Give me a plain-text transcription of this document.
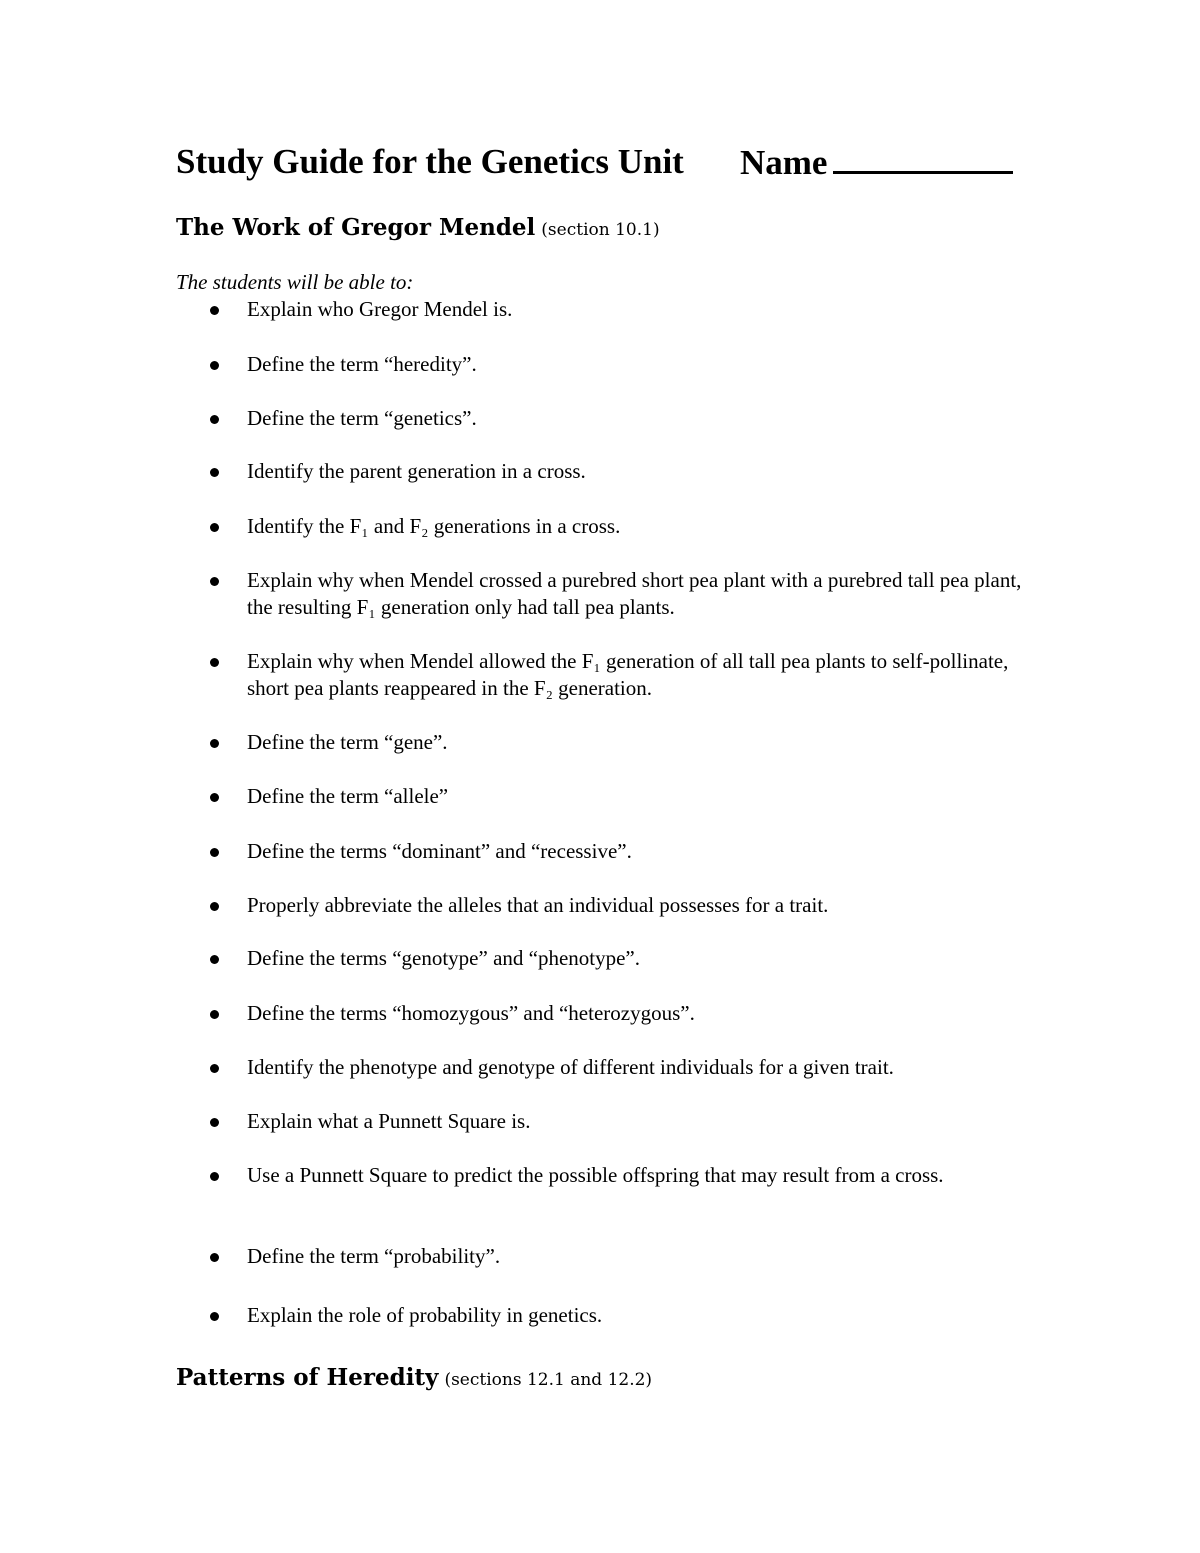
Study Guide for the Genetics Unit Name
The Work of Gregor Mendel (section 10.1)
The students will be able to:
Explain who Gregor Mendel is.
Define the term “heredity”.
Define the term “genetics”.
Identify the parent generation in a cross.
Identify the F₁ and F₂ generations in a cross.
Explain why when Mendel crossed a purebred short pea plant with a purebred tall pea plant, the resulting F₁ generation only had tall pea plants.
Explain why when Mendel allowed the F₁ generation of all tall pea plants to self-pollinate, short pea plants reappeared in the F₂ generation.
Define the term “gene”.
Define the term “allele”
Define the terms “dominant” and “recessive”.
Properly abbreviate the alleles that an individual possesses for a trait.
Define the terms “genotype” and “phenotype”.
Define the terms “homozygous” and “heterozygous”.
Identify the phenotype and genotype of different individuals for a given trait.
Explain what a Punnett Square is.
Use a Punnett Square to predict the possible offspring that may result from a cross.
Define the term “probability”.
Explain the role of probability in genetics.
Patterns of Heredity (sections 12.1 and 12.2)
